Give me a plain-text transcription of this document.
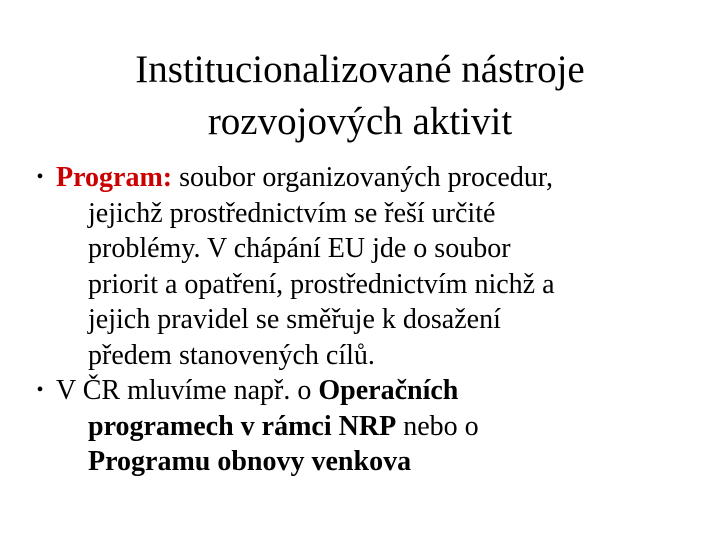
Institucionalizované nástroje
rozvojových aktivit
• Program: soubor organizovaných procedur,
jejichž prostřednictvím se řeší určité
problémy. V chápání EU jde o soubor
priorit a opatření, prostřednictvím nichž a
jejich pravidel se směřuje k dosažení
předem stanovených cílů.
• V ČR mluvíme např. o Operačních
programech v rámci NRP nebo o
Programu obnovy venkova
